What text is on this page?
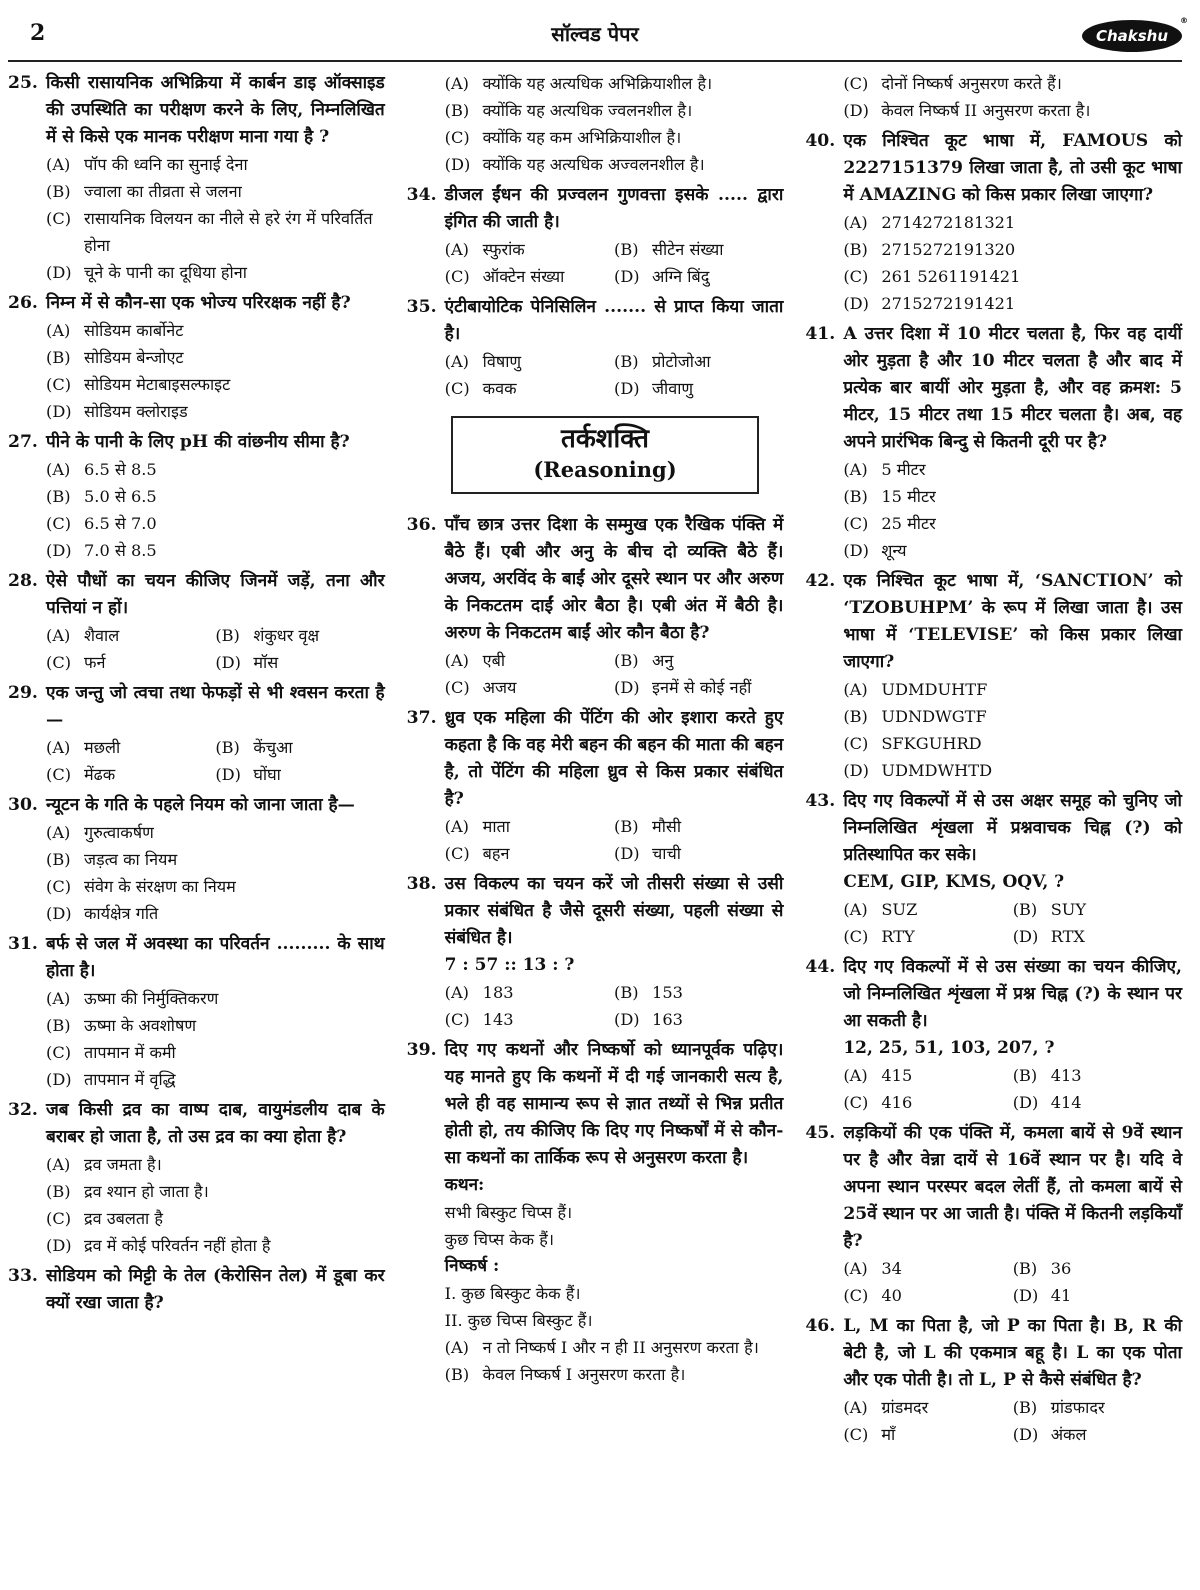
2	सॉल्वड पेपर	Chakshu
®
25. किसी रासायनिक अभिक्रिया में कार्बन डाइ ऑक्साइड की उपस्थिति का परीक्षण करने के लिए, निम्नलिखित में से किसे एक मानक परीक्षण माना गया है ?
(A) पॉप की ध्वनि का सुनाई देना
(B) ज्वाला का तीव्रता से जलना
(C) रासायनिक विलयन का नीले से हरे रंग में परिवर्तित होना
(D) चूने के पानी का दूधिया होना
26. निम्न में से कौन-सा एक भोज्य परिरक्षक नहीं है?
(A) सोडियम कार्बोनेट
(B) सोडियम बेन्जोएट
(C) सोडियम मेटाबाइसल्फाइट
(D) सोडियम क्लोराइड
27. पीने के पानी के लिए pH की वांछनीय सीमा है?
(A) 6.5 से 8.5
(B) 5.0 से 6.5
(C) 6.5 से 7.0
(D) 7.0 से 8.5
28. ऐसे पौधों का चयन कीजिए जिनमें जड़ें, तना और पत्तियां न हों।
(A) शैवाल	(B) शंकुधर वृक्ष
(C) फर्न	(D) मॉस
29. एक जन्तु जो त्वचा तथा फेफड़ों से भी श्वसन करता है—
(A) मछली	(B) केंचुआ
(C) मेंढक	(D) घोंघा
30. न्यूटन के गति के पहले नियम को जाना जाता है—
(A) गुरुत्वाकर्षण
(B) जड़त्व का नियम
(C) संवेग के संरक्षण का नियम
(D) कार्यक्षेत्र गति
31. बर्फ से जल में अवस्था का परिवर्तन ......... के साथ होता है।
(A) ऊष्मा की निर्मुक्तिकरण
(B) ऊष्मा के अवशोषण
(C) तापमान में कमी
(D) तापमान में वृद्धि
32. जब किसी द्रव का वाष्प दाब, वायुमंडलीय दाब के बराबर हो जाता है, तो उस द्रव का क्या होता है?
(A) द्रव जमता है।
(B) द्रव श्यान हो जाता है।
(C) द्रव उबलता है
(D) द्रव में कोई परिवर्तन नहीं होता है
33. सोडियम को मिट्टी के तेल (केरोसिन तेल) में डूबा कर क्यों रखा जाता है?
(A) क्योंकि यह अत्यधिक अभिक्रियाशील है।
(B) क्योंकि यह अत्यधिक ज्वलनशील है।
(C) क्योंकि यह कम अभिक्रियाशील है।
(D) क्योंकि यह अत्यधिक अज्वलनशील है।
34. डीजल ईंधन की प्रज्वलन गुणवत्ता इसके ..... द्वारा इंगित की जाती है।
(A) स्फुरांक	(B) सीटेन संख्या
(C) ऑक्टेन संख्या	(D) अग्नि बिंदु
35. एंटीबायोटिक पेनिसिलिन ....... से प्राप्त किया जाता है।
(A) विषाणु	(B) प्रोटोजोआ
(C) कवक	(D) जीवाणु
तर्कशक्ति
(Reasoning)
36. पाँच छात्र उत्तर दिशा के सम्मुख एक रैखिक पंक्ति में बैठे हैं। एबी और अनु के बीच दो व्यक्ति बैठे हैं। अजय, अरविंद के बाईं ओर दूसरे स्थान पर और अरुण के निकटतम दाईं ओर बैठा है। एबी अंत में बैठी है। अरुण के निकटतम बाईं ओर कौन बैठा है?
(A) एबी	(B) अनु
(C) अजय	(D) इनमें से कोई नहीं
37. ध्रुव एक महिला की पेंटिंग की ओर इशारा करते हुए कहता है कि वह मेरी बहन की बहन की माता की बहन है, तो पेंटिंग की महिला ध्रुव से किस प्रकार संबंधित है?
(A) माता	(B) मौसी
(C) बहन	(D) चाची
38. उस विकल्प का चयन करें जो तीसरी संख्या से उसी प्रकार संबंधित है जैसे दूसरी संख्या, पहली संख्या से संबंधित है।
7 : 57 :: 13 : ?
(A) 183	(B) 153
(C) 143	(D) 163
39. दिए गए कथनों और निष्कर्षो को ध्यानपूर्वक पढ़िए। यह मानते हुए कि कथनों में दी गई जानकारी सत्य है, भले ही वह सामान्य रूप से ज्ञात तथ्यों से भिन्न प्रतीत होती हो, तय कीजिए कि दिए गए निष्कर्षों में से कौन-सा कथनों का तार्किक रूप से अनुसरण करता है।
कथन:
सभी बिस्कुट चिप्स हैं।
कुछ चिप्स केक हैं।
निष्कर्ष :
I. कुछ बिस्कुट केक हैं।
II. कुछ चिप्स बिस्कुट हैं।
(A) न तो निष्कर्ष I और न ही II अनुसरण करता है।
(B) केवल निष्कर्ष I अनुसरण करता है।
(C) दोनों निष्कर्ष अनुसरण करते हैं।
(D) केवल निष्कर्ष II अनुसरण करता है।
40. एक निश्चित कूट भाषा में, FAMOUS को 2227151379 लिखा जाता है, तो उसी कूट भाषा में AMAZING को किस प्रकार लिखा जाएगा?
(A) 2714272181321
(B) 2715272191320
(C) 261 5261191421
(D) 2715272191421
41. A उत्तर दिशा में 10 मीटर चलता है, फिर वह दायीं ओर मुड़ता है और 10 मीटर चलता है और बाद में प्रत्येक बार बायीं ओर मुड़ता है, और वह क्रमश: 5 मीटर, 15 मीटर तथा 15 मीटर चलता है। अब, वह अपने प्रारंभिक बिन्दु से कितनी दूरी पर है?
(A) 5 मीटर
(B) 15 मीटर
(C) 25 मीटर
(D) शून्य
42. एक निश्चित कूट भाषा में, ‘SANCTION’ को ‘TZOBUHPM’ के रूप में लिखा जाता है। उस भाषा में ‘TELEVISE’ को किस प्रकार लिखा जाएगा?
(A) UDMDUHTF
(B) UDNDWGTF
(C) SFKGUHRD
(D) UDMDWHTD
43. दिए गए विकल्पों में से उस अक्षर समूह को चुनिए जो निम्नलिखित शृंखला में प्रश्नवाचक चिह्न (?) को प्रतिस्थापित कर सके।
CEM, GIP, KMS, OQV, ?
(A) SUZ	(B) SUY
(C) RTY	(D) RTX
44. दिए गए विकल्पों में से उस संख्या का चयन कीजिए, जो निम्नलिखित शृंखला में प्रश्न चिह्न (?) के स्थान पर आ सकती है।
12, 25, 51, 103, 207, ?
(A) 415	(B) 413
(C) 416	(D) 414
45. लड़कियों की एक पंक्ति में, कमला बायें से 9वें स्थान पर है और वेन्ना दायें से 16वें स्थान पर है। यदि वे अपना स्थान परस्पर बदल लेतीं हैं, तो कमला बायें से 25वें स्थान पर आ जाती है। पंक्ति में कितनी लड़कियाँ है?
(A) 34	(B) 36
(C) 40	(D) 41
46. L, M का पिता है, जो P का पिता है। B, R की बेटी है, जो L की एकमात्र बहू है। L का एक पोता और एक पोती है। तो L, P से कैसे संबंधित है?
(A) ग्रांडमदर	(B) ग्रांडफादर
(C) माँ	(D) अंकल
